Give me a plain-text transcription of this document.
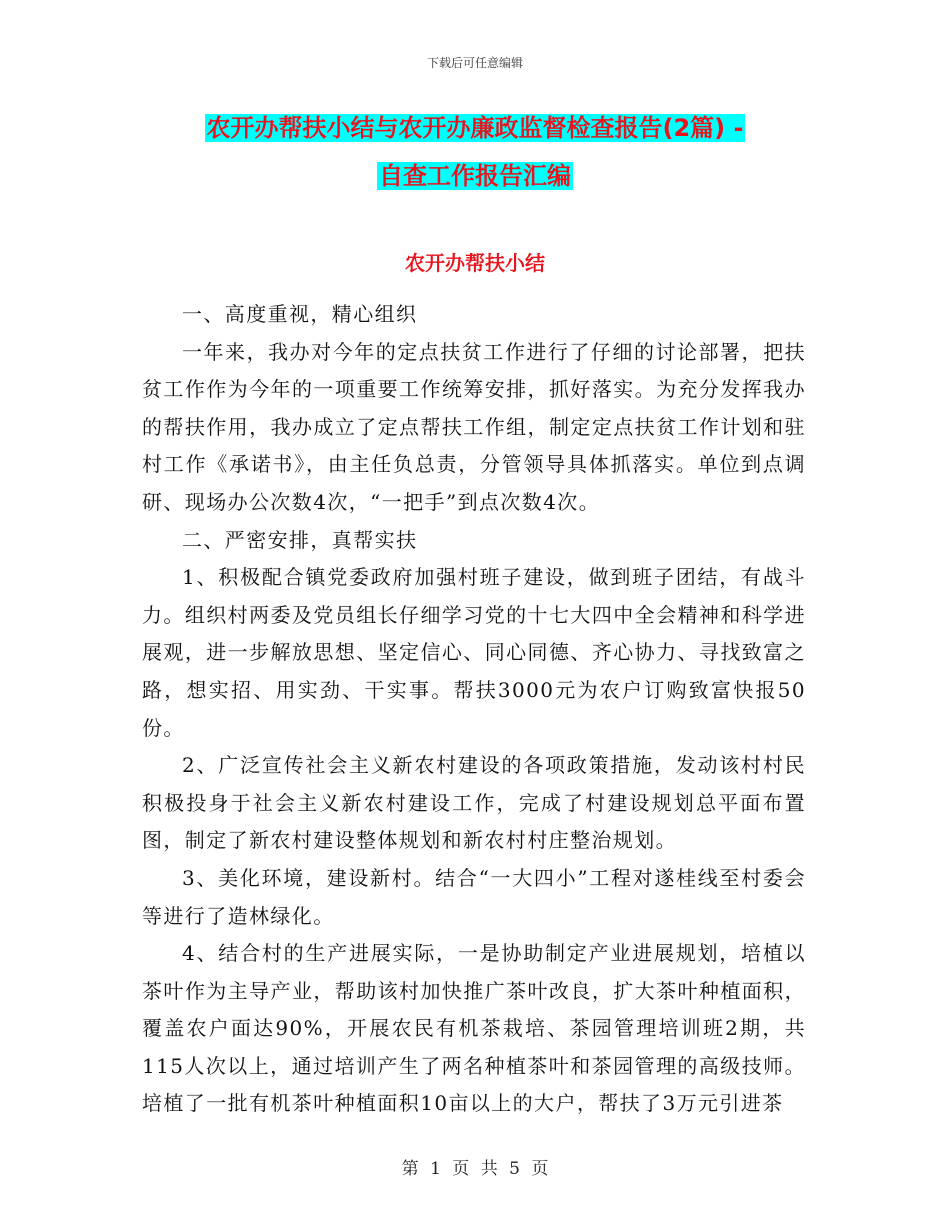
下载后可任意编辑
农开办帮扶小结与农开办廉政监督检查报告(2篇) -
自查工作报告汇编
农开办帮扶小结

一、高度重视，精心组织

一年来，我办对今年的定点扶贫工作进行了仔细的讨论部署，把扶贫工作作为今年的一项重要工作统筹安排，抓好落实。为充分发挥我办的帮扶作用，我办成立了定点帮扶工作组，制定定点扶贫工作计划和驻村工作《承诺书》，由主任负总责，分管领导具体抓落实。单位到点调研、现场办公次数4次，“一把手”到点次数4次。

二、严密安排，真帮实扶

1、积极配合镇党委政府加强村班子建设，做到班子团结，有战斗力。组织村两委及党员组长仔细学习党的十七大四中全会精神和科学进展观，进一步解放思想、坚定信心、同心同德、齐心协力、寻找致富之路，想实招、用实劲、干实事。帮扶3000元为农户订购致富快报50份。

2、广泛宣传社会主义新农村建设的各项政策措施，发动该村村民积极投身于社会主义新农村建设工作，完成了村建设规划总平面布置图，制定了新农村建设整体规划和新农村村庄整治规划。

3、美化环境，建设新村。结合“一大四小”工程对遂桂线至村委会等进行了造林绿化。

4、结合村的生产进展实际，一是协助制定产业进展规划，培植以茶叶作为主导产业，帮助该村加快推广茶叶改良，扩大茶叶种植面积，覆盖农户面达90%，开展农民有机茶栽培、茶园管理培训班2期，共115人次以上，通过培训产生了两名种植茶叶和茶园管理的高级技师。培植了一批有机茶叶种植面积10亩以上的大户，帮扶了3万元引进茶

第 1 页 共 5 页
